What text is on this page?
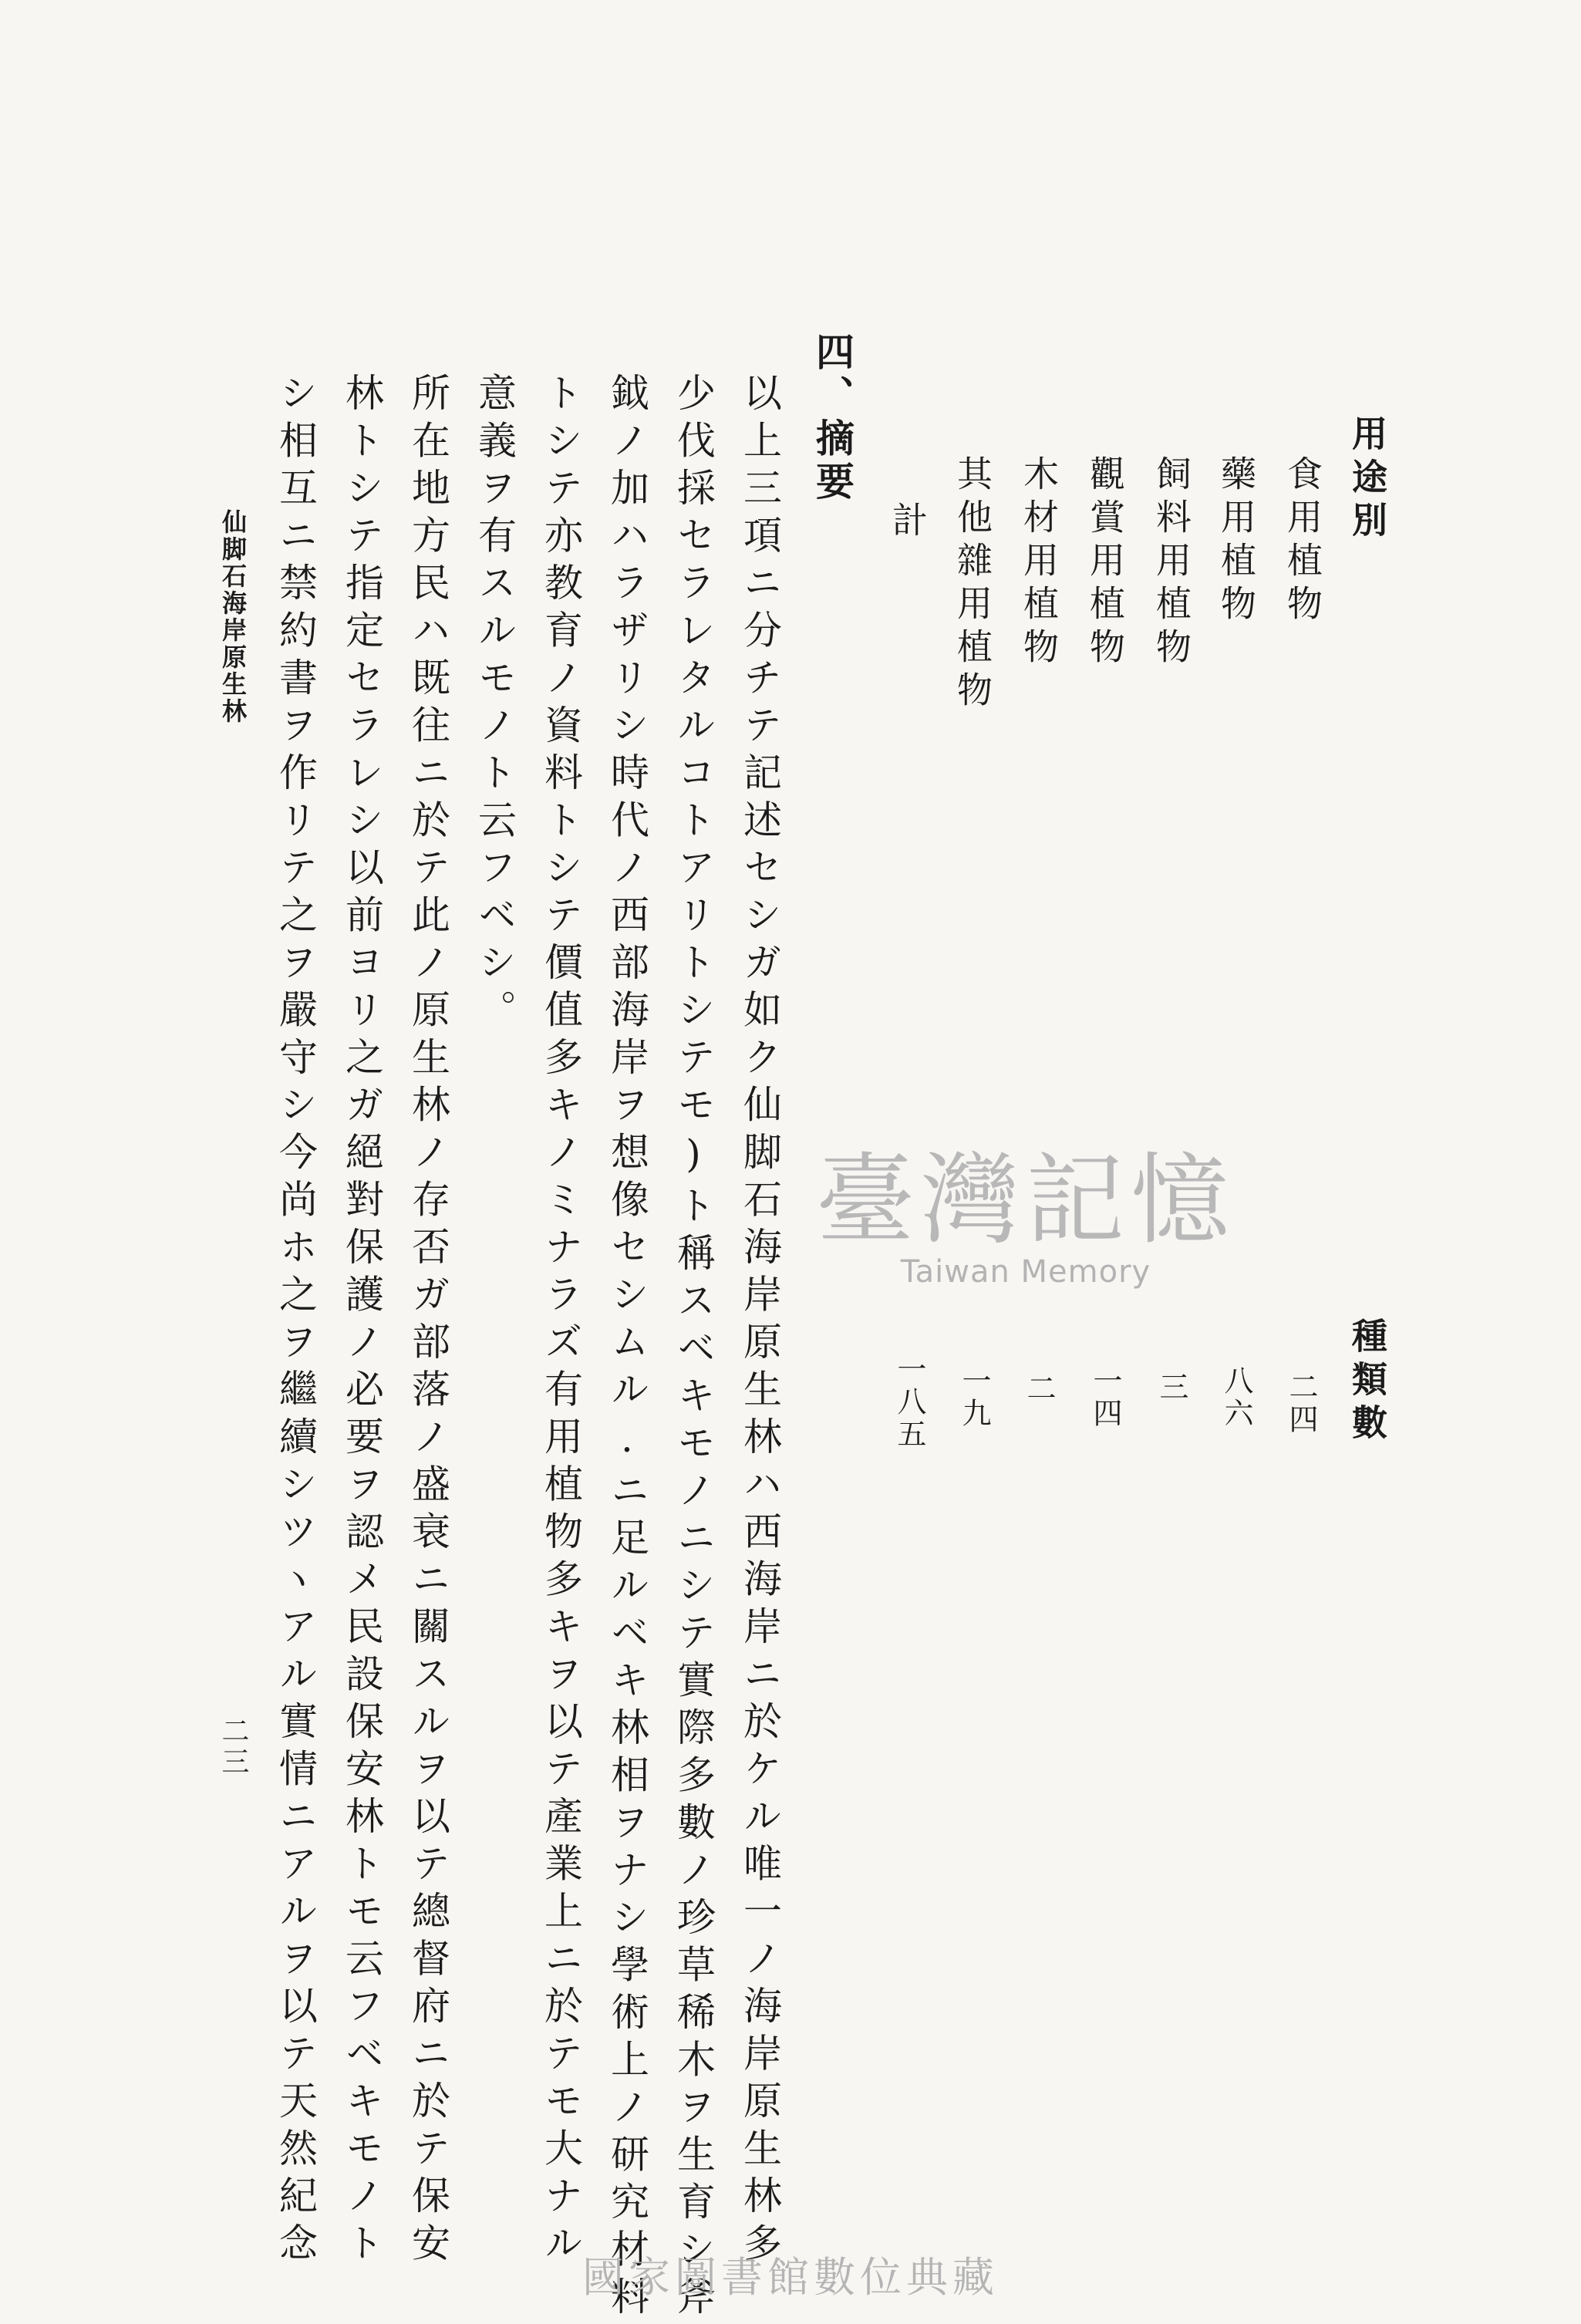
用途別
種類數
食用植物
藥用植物
飼料用植物
觀賞用植物
木材用植物
其他雜用植物
計
二四
八六
三
一四
二
一九
一八五
四、摘要
以上三項ニ分チテ記述セシガ如ク仙脚石海岸原生林ハ西海岸ニ於ケル唯一ノ海岸原生林多
少伐採セラレタルコトアリトシテモ)ト稱スベキモノニシテ實際多數ノ珍草稀木ヲ生育シ斧
鉞ノ加ハラザリシ時代ノ西部海岸ヲ想像セシムル.ニ足ルベキ林相ヲナシ學術上ノ研究材料
トシテ亦教育ノ資料トシテ價值多キノミナラズ有用植物多キヲ以テ產業上ニ於テモ大ナル
意義ヲ有スルモノト云フベシ。
所在地方民ハ既往ニ於テ此ノ原生林ノ存否ガ部落ノ盛衰ニ關スルヲ以テ總督府ニ於テ保安
林トシテ指定セラレシ以前ヨリ之ガ絕對保護ノ必要ヲ認メ民設保安林トモ云フベキモノト
シ相互ニ禁約書ヲ作リテ之ヲ嚴守シ今尚ホ之ヲ繼續シツヽアル實情ニアルヲ以テ天然紀念
仙脚石海岸原生林
二三
臺灣記憶
Taiwan Memory
國家圖書館數位典藏
